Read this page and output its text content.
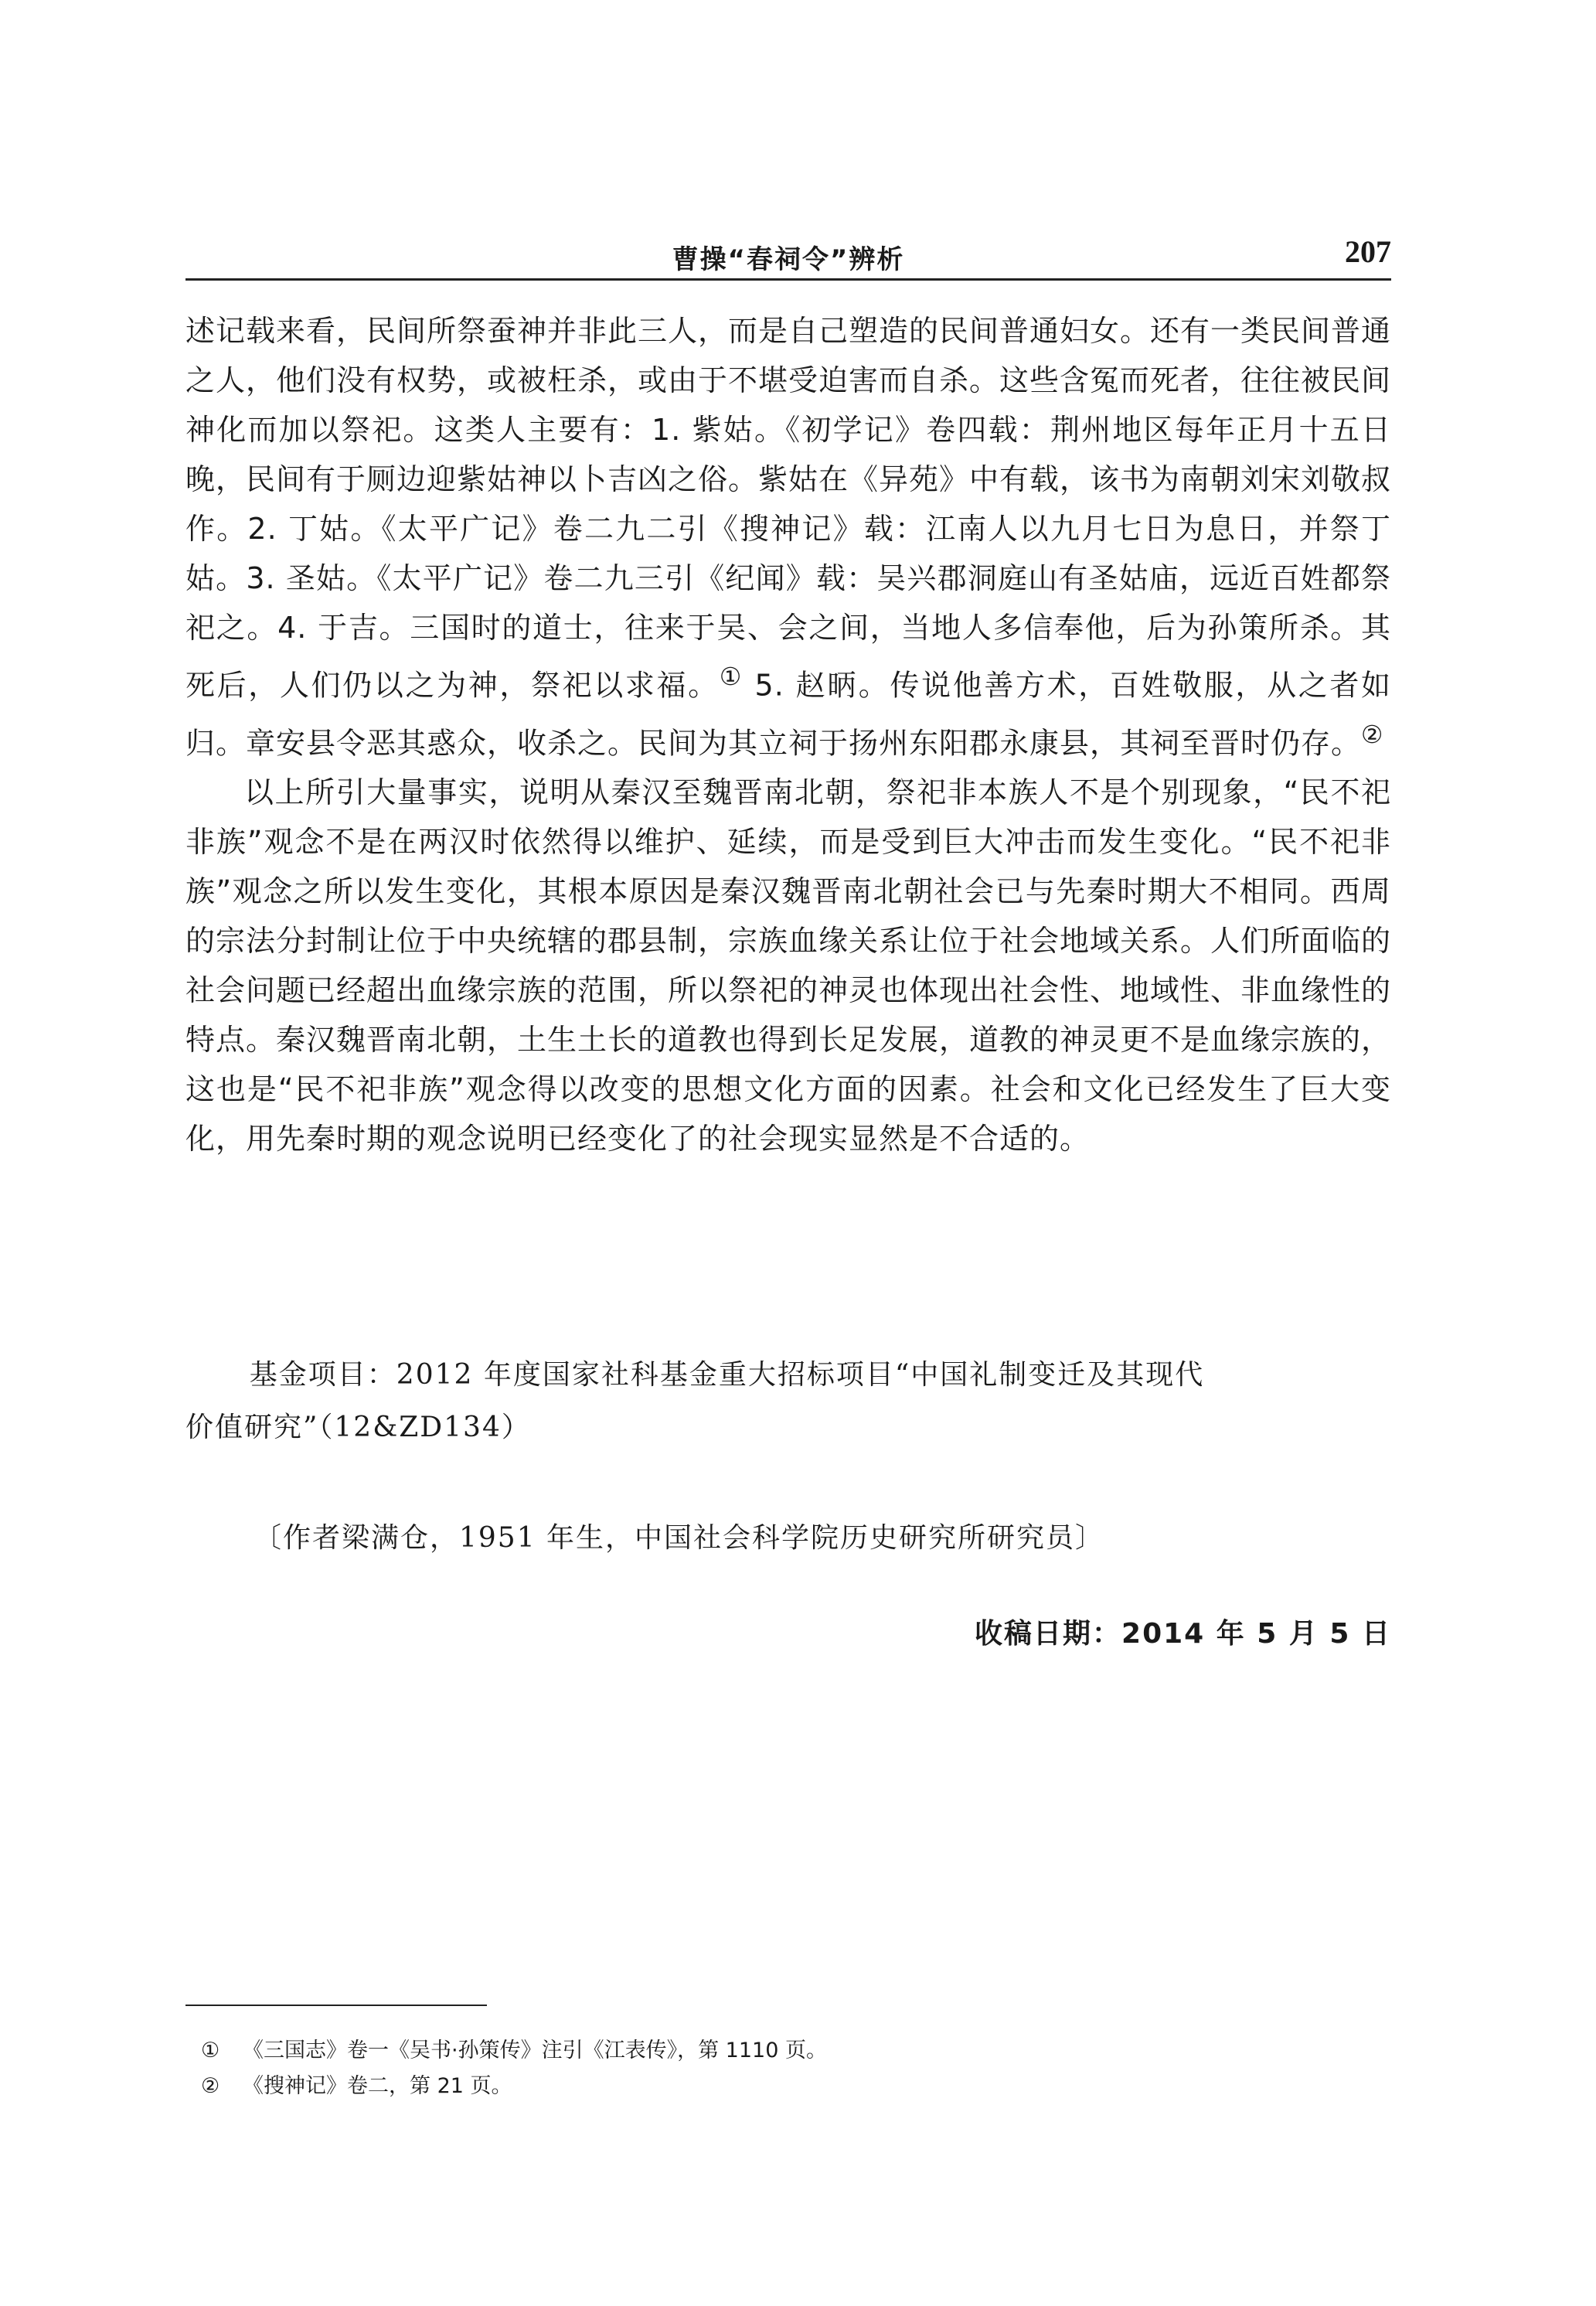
曹操“春祠令”辨析	207

述记载来看，民间所祭蚕神并非此三人，而是自己塑造的民间普通妇女。还有一类民间普通之人，他们没有权势，或被枉杀，或由于不堪受迫害而自杀。这些含冤而死者，往往被民间神化而加以祭祀。这类人主要有：1. 紫姑。《初学记》卷四载：荆州地区每年正月十五日晚，民间有于厕边迎紫姑神以卜吉凶之俗。紫姑在《异苑》中有载，该书为南朝刘宋刘敬叔作。2. 丁姑。《太平广记》卷二九二引《搜神记》载：江南人以九月七日为息日，并祭丁姑。3. 圣姑。《太平广记》卷二九三引《纪闻》载：吴兴郡洞庭山有圣姑庙，远近百姓都祭祀之。4. 于吉。三国时的道士，往来于吴、会之间，当地人多信奉他，后为孙策所杀。其死后，人们仍以之为神，祭祀以求福。① 5. 赵昞。传说他善方术，百姓敬服，从之者如归。章安县令恶其惑众，收杀之。民间为其立祠于扬州东阳郡永康县，其祠至晋时仍存。②

以上所引大量事实，说明从秦汉至魏晋南北朝，祭祀非本族人不是个别现象，“民不祀非族”观念不是在两汉时依然得以维护、延续，而是受到巨大冲击而发生变化。“民不祀非族”观念之所以发生变化，其根本原因是秦汉魏晋南北朝社会已与先秦时期大不相同。西周的宗法分封制让位于中央统辖的郡县制，宗族血缘关系让位于社会地域关系。人们所面临的社会问题已经超出血缘宗族的范围，所以祭祀的神灵也体现出社会性、地域性、非血缘性的特点。秦汉魏晋南北朝，土生土长的道教也得到长足发展，道教的神灵更不是血缘宗族的，这也是“民不祀非族”观念得以改变的思想文化方面的因素。社会和文化已经发生了巨大变化，用先秦时期的观念说明已经变化了的社会现实显然是不合适的。

基金项目：2012 年度国家社科基金重大招标项目“中国礼制变迁及其现代
价值研究”（12&ZD134）
〔作者梁满仓，1951 年生，中国社会科学院历史研究所研究员〕
收稿日期：2014 年 5 月 5 日
① 《三国志》卷一《吴书·孙策传》注引《江表传》，第 1110 页。
② 《搜神记》卷二，第 21 页。
